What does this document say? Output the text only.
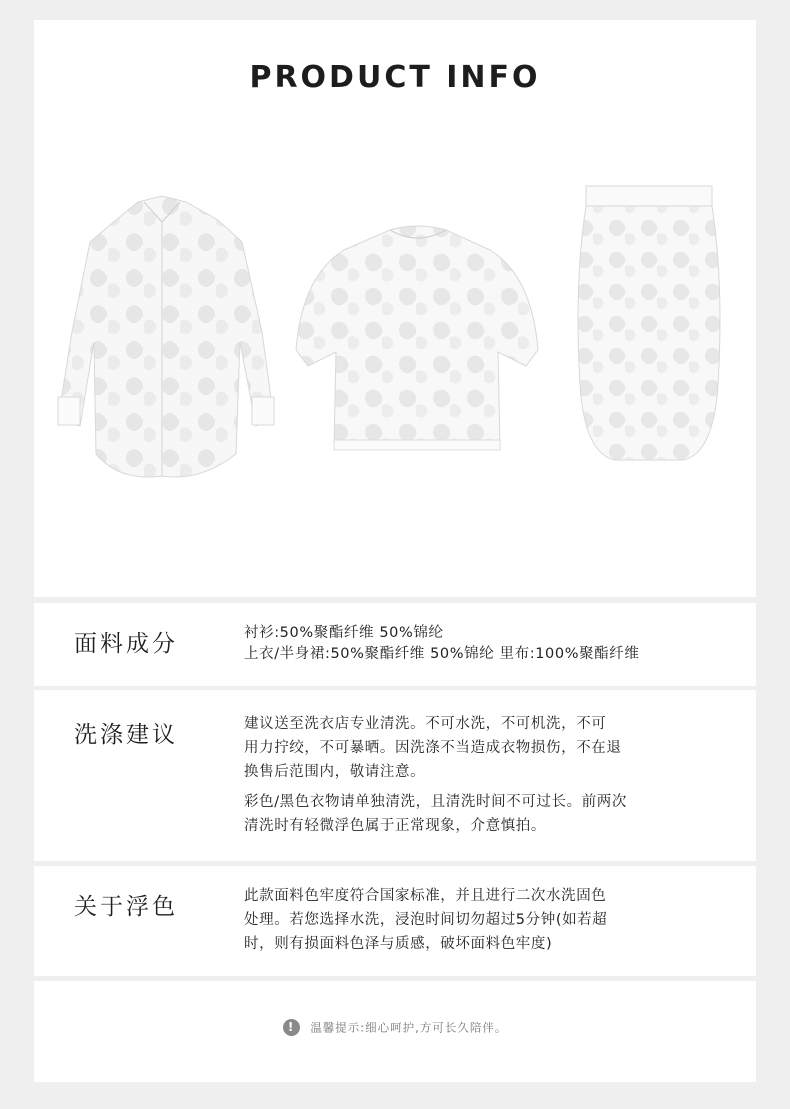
PRODUCT INFO
面料成分	衬衫:50%聚酯纤维 50%锦纶

上衣/半身裙:50%聚酯纤维 50%锦纶 里布:100%聚酯纤维

洗涤建议	建议送至洗衣店专业清洗。不可水洗，不可机洗，不可

用力拧绞，不可暴晒。因洗涤不当造成衣物损伤，不在退

换售后范围内，敬请注意。

彩色/黑色衣物请单独清洗，且清洗时间不可过长。前两次

清洗时有轻微浮色属于正常现象，介意慎拍。

关于浮色	此款面料色牢度符合国家标准，并且进行二次水洗固色

处理。若您选择水洗，浸泡时间切勿超过5分钟(如若超

时，则有损面料色泽与质感，破坏面料色牢度)

! 温馨提示:细心呵护,方可长久陪伴。
